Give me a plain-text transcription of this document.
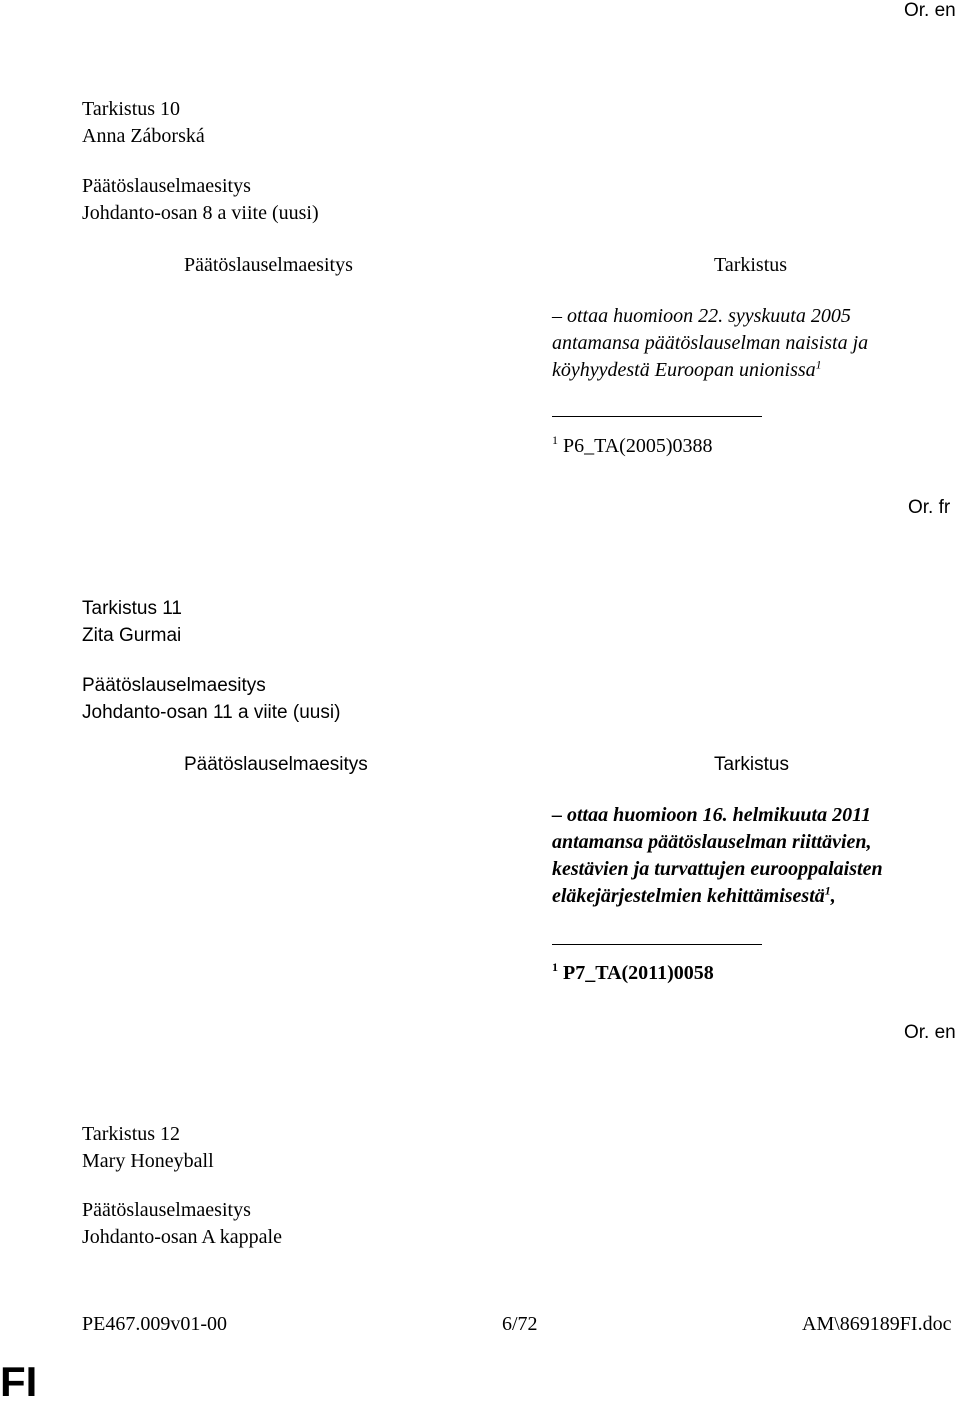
Or. en
Tarkistus 10
Anna Záborská
Päätöslauselmaesitys
Johdanto-osan 8 a viite (uusi)
Päätöslauselmaesitys	Tarkistus
– ottaa huomioon 22. syyskuuta 2005
antamansa päätöslauselman naisista ja
köyhyydestä Euroopan unionissa$^1$
$^1$ P6_TA(2005)0388
Or. fr
Tarkistus 11
Zita Gurmai
Päätöslauselmaesitys
Johdanto-osan 11 a viite (uusi)
Päätöslauselmaesitys	Tarkistus
– ottaa huomioon 16. helmikuuta 2011
antamansa päätöslauselman riittävien,
kestävien ja turvattujen eurooppalaisten
eläkejärjestelmien kehittämisestä$^1$,
$^1$ P7_TA(2011)0058
Or. en
Tarkistus 12
Mary Honeyball
Päätöslauselmaesitys
Johdanto-osan A kappale
PE467.009v01-00	6/72	AM\869189FI.doc
FI
